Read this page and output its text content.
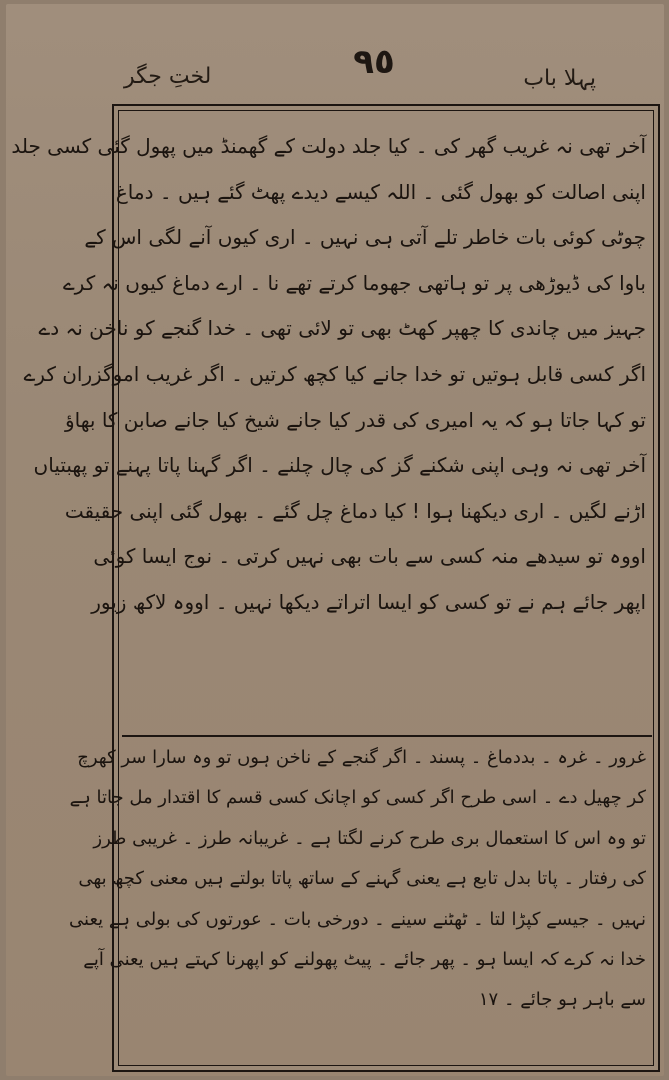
٩٥	پہلا باب
لختِ جگر
آخر تھی نہ غریب گھر کی ۔ کیا جلد دولت کے گھمنڈ میں پھول گئی کسی جلد
اپنی اصالت کو بھول گئی ۔ اللہ کیسے دیدے پھٹ گئے ہیں ۔ دماغ
چوٹی کوئی بات خاطر تلے آتی ہی نہیں ۔ اری کیوں آنے لگی اس کے
باوا کی ڈیوڑھی پر تو ہاتھی جھوما کرتے تھے نا ۔ ارے دماغ کیوں نہ کرے
جہیز میں چاندی کا چھپر کھٹ بھی تو لائی تھی ۔ خدا گنجے کو ناخن نہ دے
اگر کسی قابل ہوتیں تو خدا جانے کیا کچھ کرتیں ۔ اگر غریب اموگزران کرے
تو کہا جاتا ہو کہ یہ امیری کی قدر کیا جانے شیخ کیا جانے صابن کا بھاؤ
آخر تھی نہ وہی اپنی شکنے گز کی چال چلنے ۔ اگر گہنا پاتا پہنے تو پھبتیاں
اڑنے لگیں ۔ اری دیکھنا ہوا ! کیا دماغ چل گئے ۔ بھول گئی اپنی حقیقت
اووہ تو سیدھے منہ کسی سے بات بھی نہیں کرتی ۔ نوج ایسا کوئی
اپھر جائے ہم نے تو کسی کو ایسا اتراتے دیکھا نہیں ۔ اووہ لاکھ زیور
غرور ۔ غرہ ۔ بددماغ ۔ پسند ۔ اگر گنجے کے ناخن ہوں تو وہ سارا سر کھرچ
کر چھیل دے ۔ اسی طرح اگر کسی کو اچانک کسی قسم کا اقتدار مل جاتا ہے
تو وہ اس کا استعمال بری طرح کرنے لگتا ہے ۔ غریبانہ طرز ۔ غریبی طرز
کی رفتار ۔ پاتا بدل تابع ہے یعنی گہنے کے ساتھ پاتا بولتے ہیں معنی کچھ بھی
نہیں ۔ جیسے کپڑا لتا ۔ ٹھٹنے سینے ۔ دورخی بات ۔ عورتوں کی بولی ہے یعنی
خدا نہ کرے کہ ایسا ہو ۔ پھر جائے ۔ پیٹ پھولنے کو اپھرنا کہتے ہیں یعنی آپے
سے باہر ہو جائے ۔ ١٧
